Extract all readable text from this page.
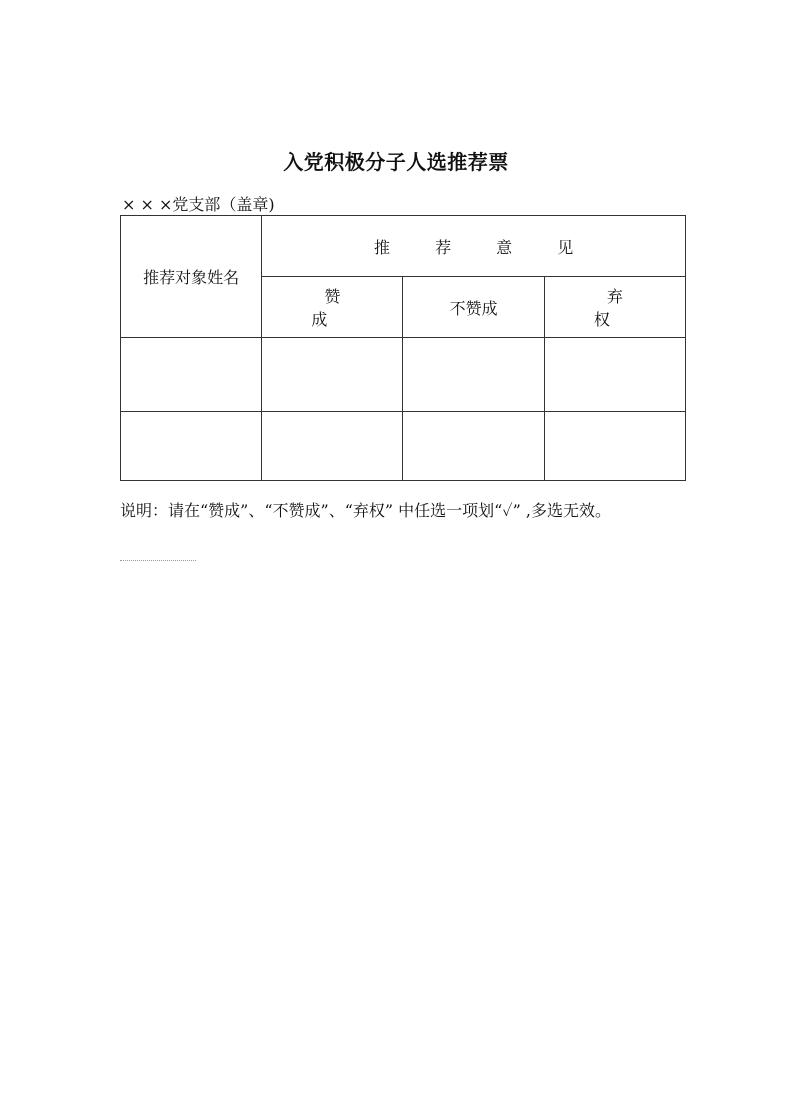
入党积极分子人选推荐票
× × ×党支部（盖章)
推荐对象姓名	推 荐 意 见		
	赞 成	不赞成	弃 权

说明：请在“赞成”、“不赞成”、“弃权” 中任选一项划“✓” ,多选无效。
